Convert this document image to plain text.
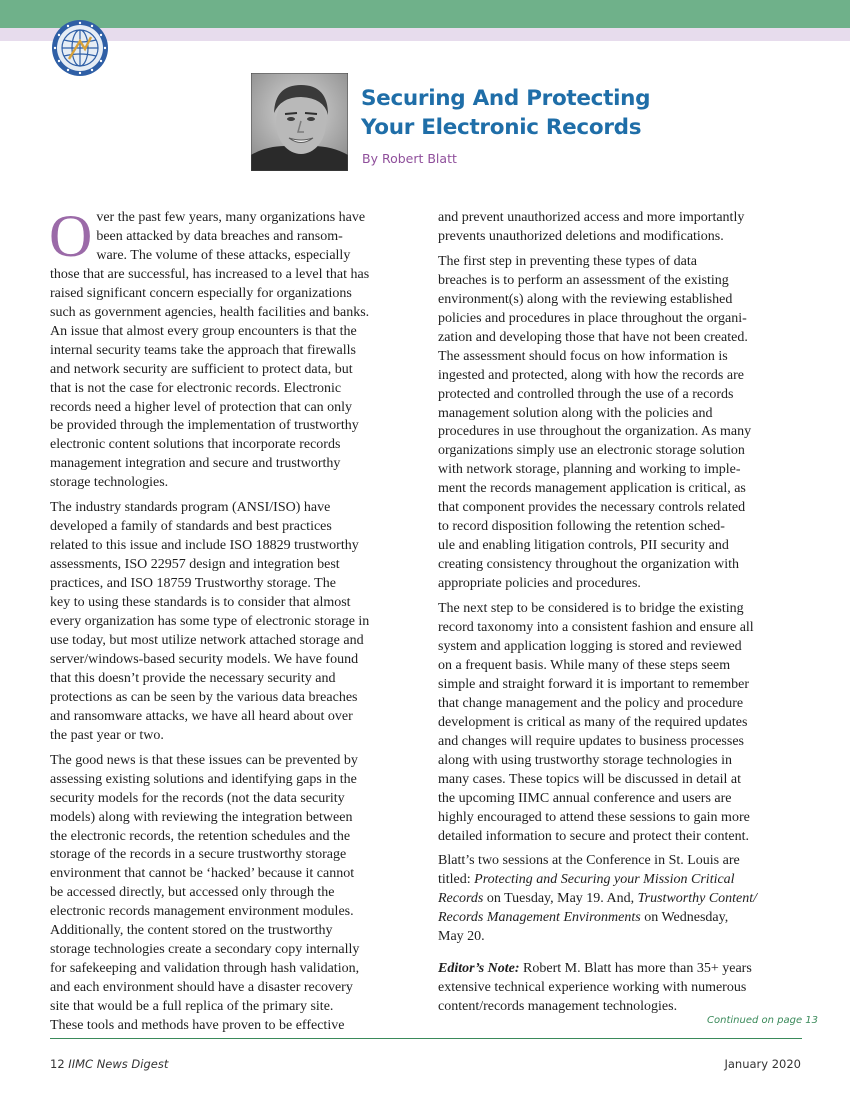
Securing And Protecting
Your Electronic Records
By Robert Blatt
O ver the past few years, many organizations have
been attacked by data breaches and ransom-
ware. The volume of these attacks, especially
those that are successful, has increased to a level that has
raised significant concern especially for organizations
such as government agencies, health facilities and banks.
An issue that almost every group encounters is that the
internal security teams take the approach that firewalls
and network security are sufficient to protect data, but
that is not the case for electronic records. Electronic
records need a higher level of protection that can only
be provided through the implementation of trustworthy
electronic content solutions that incorporate records
management integration and secure and trustworthy
storage technologies.
The industry standards program (ANSI/ISO) have
developed a family of standards and best practices
related to this issue and include ISO 18829 trustworthy
assessments, ISO 22957 design and integration best
practices, and ISO 18759 Trustworthy storage. The
key to using these standards is to consider that almost
every organization has some type of electronic storage in
use today, but most utilize network attached storage and
server/windows-based security models. We have found
that this doesn’t provide the necessary security and
protections as can be seen by the various data breaches
and ransomware attacks, we have all heard about over
the past year or two.
The good news is that these issues can be prevented by
assessing existing solutions and identifying gaps in the
security models for the records (not the data security
models) along with reviewing the integration between
the electronic records, the retention schedules and the
storage of the records in a secure trustworthy storage
environment that cannot be ‘hacked’ because it cannot
be accessed directly, but accessed only through the
electronic records management environment modules.
Additionally, the content stored on the trustworthy
storage technologies create a secondary copy internally
for safekeeping and validation through hash validation,
and each environment should have a disaster recovery
site that would be a full replica of the primary site.
These tools and methods have proven to be effective
and prevent unauthorized access and more importantly
prevents unauthorized deletions and modifications.
The first step in preventing these types of data
breaches is to perform an assessment of the existing
environment(s) along with the reviewing established
policies and procedures in place throughout the organi-
zation and developing those that have not been created.
The assessment should focus on how information is
ingested and protected, along with how the records are
protected and controlled through the use of a records
management solution along with the policies and
procedures in use throughout the organization. As many
organizations simply use an electronic storage solution
with network storage, planning and working to imple-
ment the records management application is critical, as
that component provides the necessary controls related
to record disposition following the retention sched-
ule and enabling litigation controls, PII security and
creating consistency throughout the organization with
appropriate policies and procedures.
The next step to be considered is to bridge the existing
record taxonomy into a consistent fashion and ensure all
system and application logging is stored and reviewed
on a frequent basis. While many of these steps seem
simple and straight forward it is important to remember
that change management and the policy and procedure
development is critical as many of the required updates
and changes will require updates to business processes
along with using trustworthy storage technologies in
many cases. These topics will be discussed in detail at
the upcoming IIMC annual conference and users are
highly encouraged to attend these sessions to gain more
detailed information to secure and protect their content.
Blatt’s two sessions at the Conference in St. Louis are
titled: Protecting and Securing your Mission Critical
Records on Tuesday, May 19. And, Trustworthy Content/
Records Management Environments on Wednesday,
May 20.
Editor’s Note: Robert M. Blatt has more than 35+ years
extensive technical experience working with numerous
content/records management technologies.
Continued on page 13
12 IIMC News Digest	January 2020
